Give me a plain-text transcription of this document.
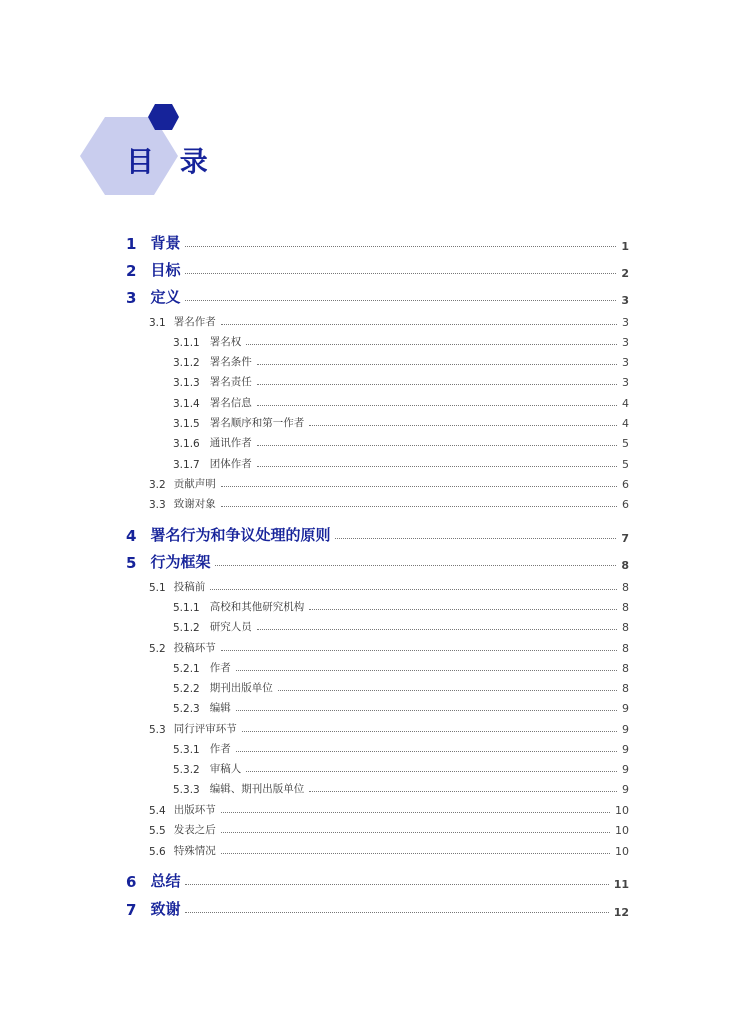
目 录
1 背景	1
2 目标	2
3 定义	3
3.1 署名作者	3
3.1.1 署名权	3
3.1.2 署名条件	3
3.1.3 署名责任	3
3.1.4 署名信息	4
3.1.5 署名顺序和第一作者	4
3.1.6 通讯作者	5
3.1.7 团体作者	5
3.2 贡献声明	6
3.3 致谢对象	6
4 署名行为和争议处理的原则	7
5 行为框架	8
5.1 投稿前	8
5.1.1 高校和其他研究机构	8
5.1.2 研究人员	8
5.2 投稿环节	8
5.2.1 作者	8
5.2.2 期刊出版单位	8
5.2.3 编辑	9
5.3 同行评审环节	9
5.3.1 作者	9
5.3.2 审稿人	9
5.3.3 编辑、期刊出版单位	9
5.4 出版环节	10
5.5 发表之后	10
5.6 特殊情况	10
6 总结	11
7 致谢	12
